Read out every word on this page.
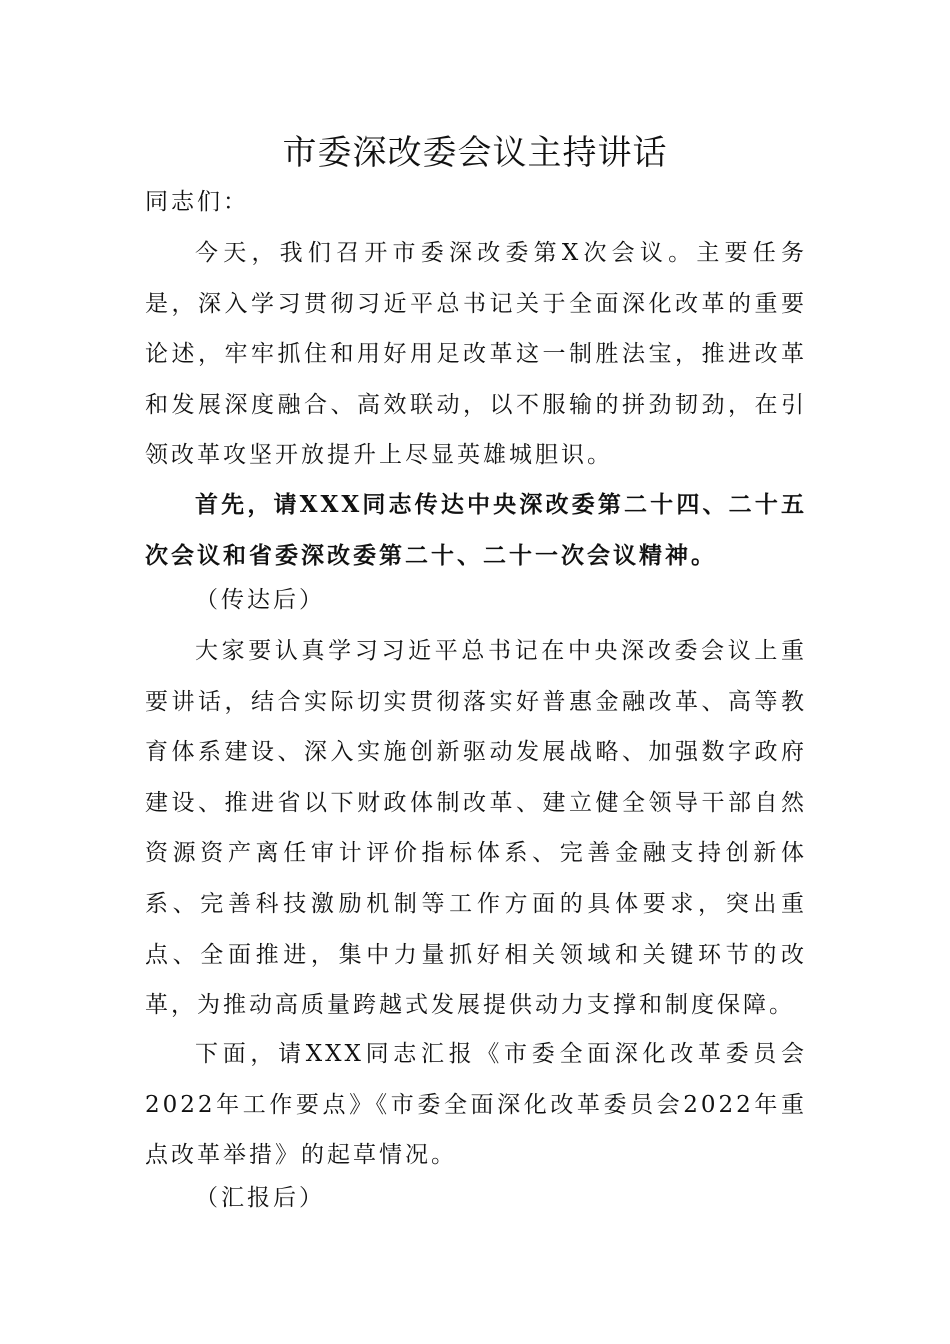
市委深改委会议主持讲话

同志们：

今天，我们召开市委深改委第X次会议。主要任务是，深入学习贯彻习近平总书记关于全面深化改革的重要论述，牢牢抓住和用好用足改革这一制胜法宝，推进改革和发展深度融合、高效联动，以不服输的拼劲韧劲，在引领改革攻坚开放提升上尽显英雄城胆识。

首先，请XXX同志传达中央深改委第二十四、二十五次会议和省委深改委第二十、二十一次会议精神。

（传达后）

大家要认真学习习近平总书记在中央深改委会议上重要讲话，结合实际切实贯彻落实好普惠金融改革、高等教育体系建设、深入实施创新驱动发展战略、加强数字政府建设、推进省以下财政体制改革、建立健全领导干部自然资源资产离任审计评价指标体系、完善金融支持创新体系、完善科技激励机制等工作方面的具体要求，突出重点、全面推进，集中力量抓好相关领域和关键环节的改革，为推动高质量跨越式发展提供动力支撑和制度保障。

下面，请XXX同志汇报《市委全面深化改革委员会2022年工作要点》《市委全面深化改革委员会2022年重点改革举措》的起草情况。

（汇报后）
